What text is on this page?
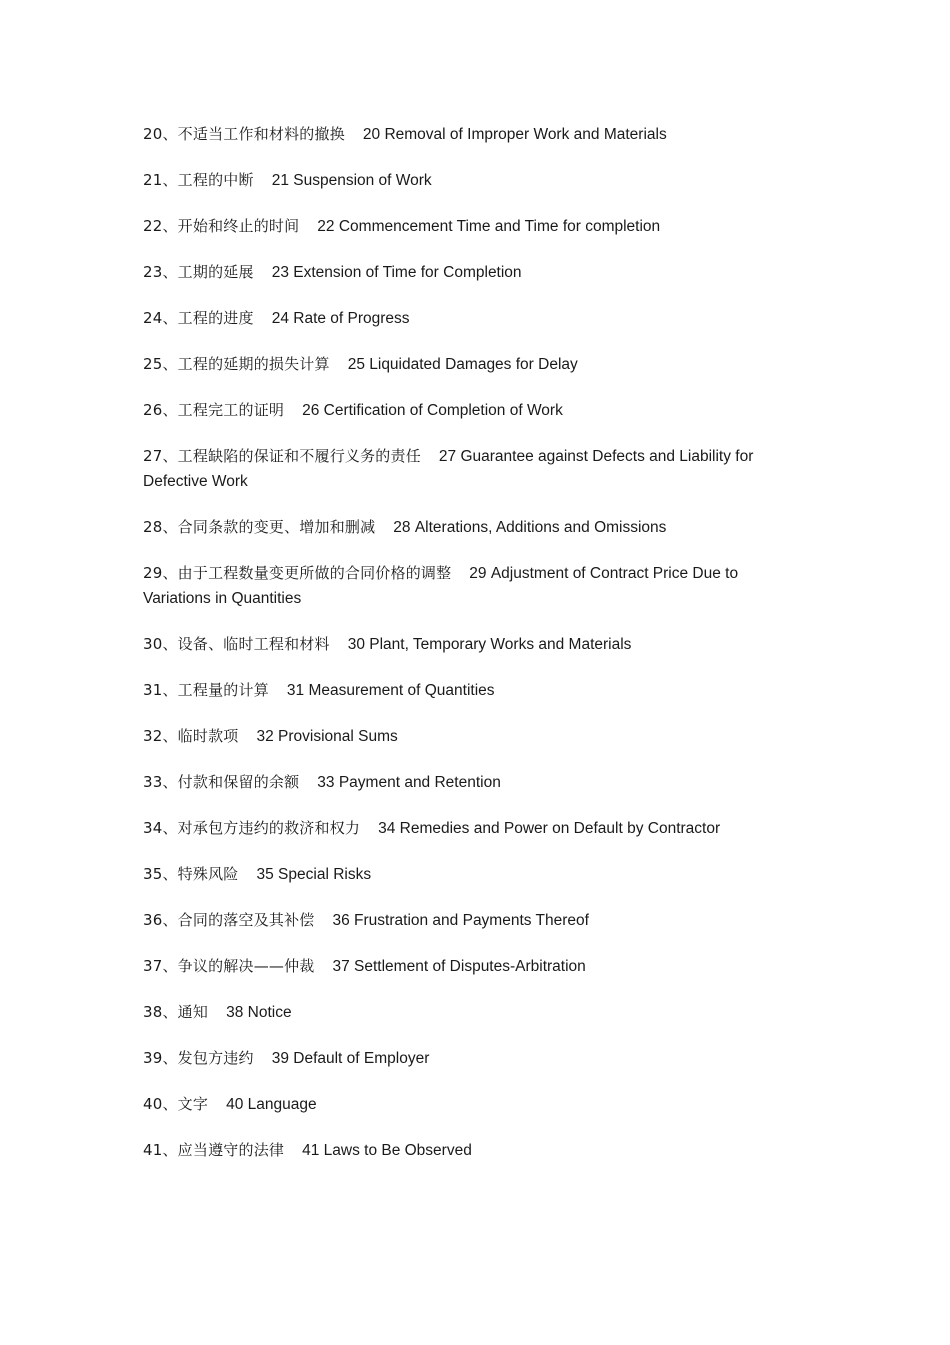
20、不适当工作和材料的撤换 20 Removal of Improper Work and Materials
21、工程的中断 21 Suspension of Work
22、开始和终止的时间 22 Commencement Time and Time for completion
23、工期的延展 23 Extension of Time for Completion
24、工程的进度 24 Rate of Progress
25、工程的延期的损失计算 25 Liquidated Damages for Delay
26、工程完工的证明 26 Certification of Completion of Work
27、工程缺陷的保证和不履行义务的责任 27 Guarantee against Defects and Liability for Defective Work
28、合同条款的变更、增加和删减 28 Alterations, Additions and Omissions
29、由于工程数量变更所做的合同价格的调整 29 Adjustment of Contract Price Due to Variations in Quantities
30、设备、临时工程和材料 30 Plant, Temporary Works and Materials
31、工程量的计算 31 Measurement of Quantities
32、临时款项 32 Provisional Sums
33、付款和保留的余额 33 Payment and Retention
34、对承包方违约的救济和权力 34 Remedies and Power on Default by Contractor
35、特殊风险 35 Special Risks
36、合同的落空及其补偿 36 Frustration and Payments Thereof
37、争议的解决——仲裁 37 Settlement of Disputes-Arbitration
38、通知 38 Notice
39、发包方违约 39 Default of Employer
40、文字 40 Language
41、应当遵守的法律 41 Laws to Be Observed
